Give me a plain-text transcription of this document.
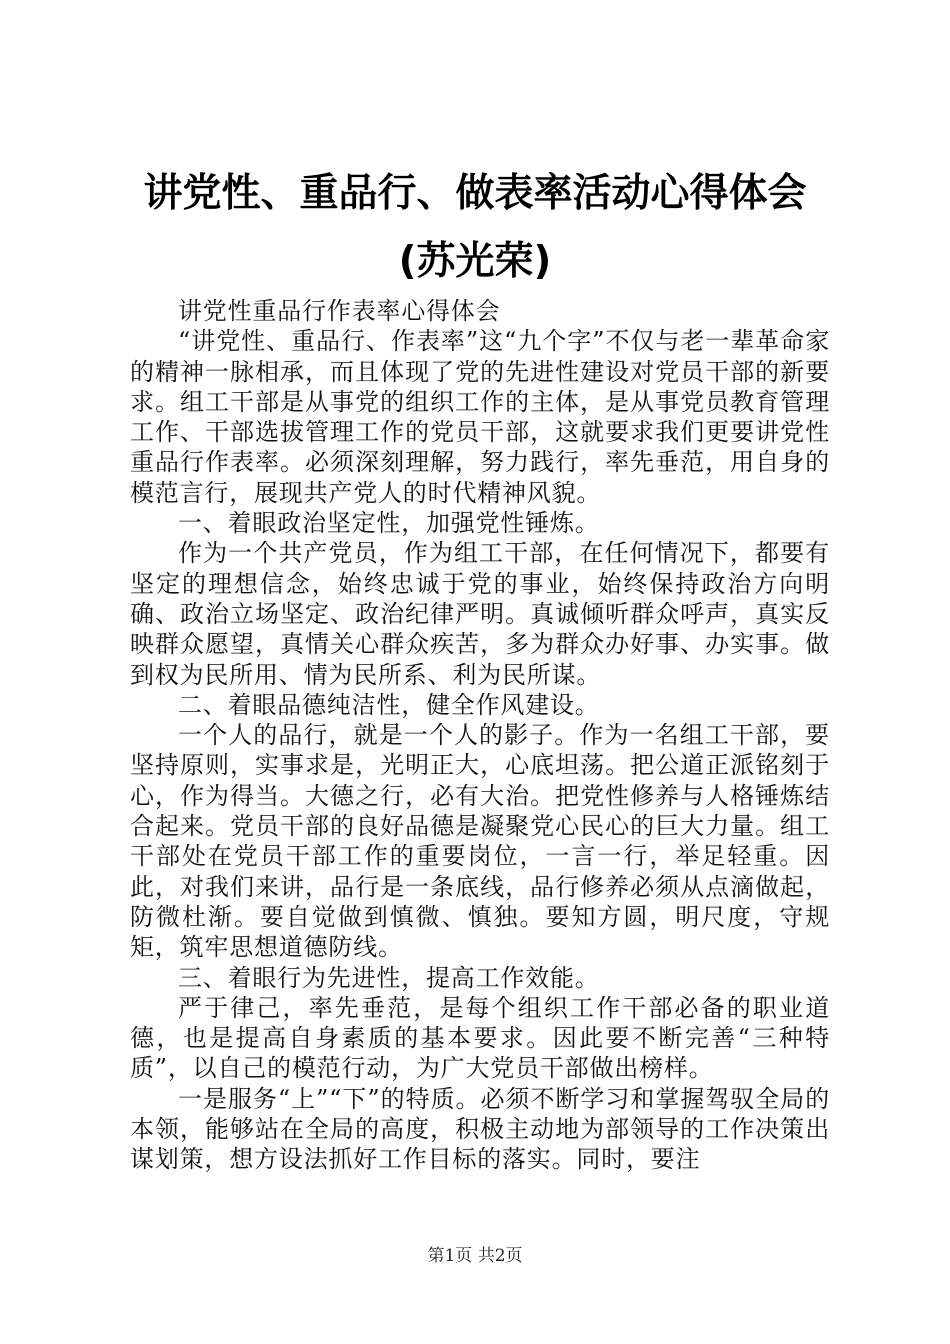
讲党性、重品行、做表率活动心得体会(苏光荣)

讲党性重品行作表率心得体会

“讲党性、重品行、作表率”这“九个字”不仅与老一辈革命家的精神一脉相承，而且体现了党的先进性建设对党员干部的新要求。组工干部是从事党的组织工作的主体，是从事党员教育管理工作、干部选拔管理工作的党员干部，这就要求我们更要讲党性重品行作表率。必须深刻理解，努力践行，率先垂范，用自身的模范言行，展现共产党人的时代精神风貌。

一、着眼政治坚定性，加强党性锤炼。

作为一个共产党员，作为组工干部，在任何情况下，都要有坚定的理想信念，始终忠诚于党的事业，始终保持政治方向明确、政治立场坚定、政治纪律严明。真诚倾听群众呼声，真实反映群众愿望，真情关心群众疾苦，多为群众办好事、办实事。做到权为民所用、情为民所系、利为民所谋。

二、着眼品德纯洁性，健全作风建设。

一个人的品行，就是一个人的影子。作为一名组工干部，要坚持原则，实事求是，光明正大，心底坦荡。把公道正派铭刻于心，作为得当。大德之行，必有大治。把党性修养与人格锤炼结合起来。党员干部的良好品德是凝聚党心民心的巨大力量。组工干部处在党员干部工作的重要岗位，一言一行，举足轻重。因此，对我们来讲，品行是一条底线，品行修养必须从点滴做起，防微杜渐。要自觉做到慎微、慎独。要知方圆，明尺度，守规矩，筑牢思想道德防线。

三、着眼行为先进性，提高工作效能。

严于律己，率先垂范，是每个组织工作干部必备的职业道德，也是提高自身素质的基本要求。因此要不断完善“三种特质”，以自己的模范行动，为广大党员干部做出榜样。

一是服务“上”“下”的特质。必须不断学习和掌握驾驭全局的本领，能够站在全局的高度，积极主动地为部领导的工作决策出谋划策，想方设法抓好工作目标的落实。同时，要注

第1页 共2页
